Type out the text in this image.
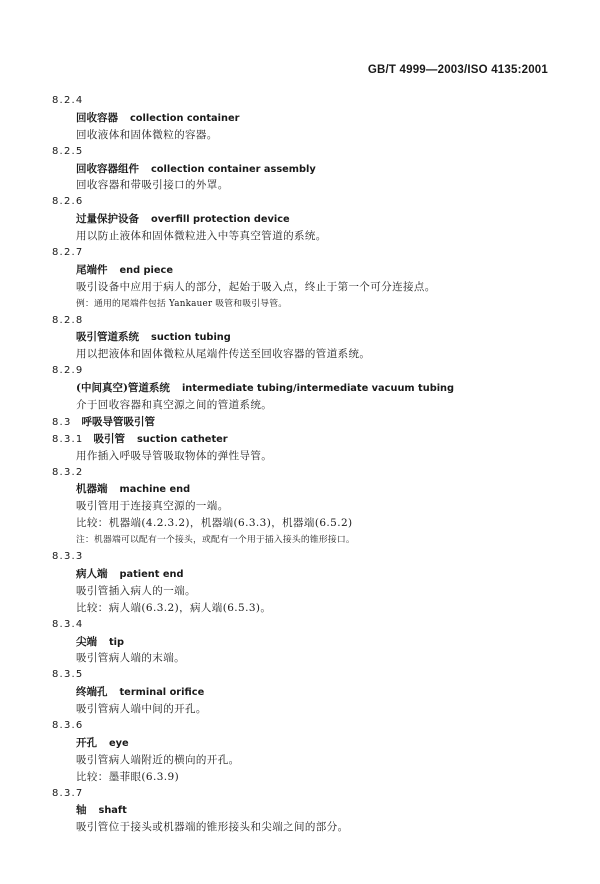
GB/T 4999—2003/ISO 4135:2001
8.2.4
回收容器 collection container
回收液体和固体微粒的容器。
8.2.5
回收容器组件 collection container assembly
回收容器和带吸引接口的外罩。
8.2.6
过量保护设备 overfill protection device
用以防止液体和固体微粒进入中等真空管道的系统。
8.2.7
尾端件 end piece
吸引设备中应用于病人的部分，起始于吸入点，终止于第一个可分连接点。
例：通用的尾端件包括 Yankauer 吸管和吸引导管。
8.2.8
吸引管道系统 suction tubing
用以把液体和固体微粒从尾端件传送至回收容器的管道系统。
8.2.9
(中间真空)管道系统 intermediate tubing/intermediate vacuum tubing
介于回收容器和真空源之间的管道系统。
8.3 呼吸导管吸引管
8.3.1 吸引管 suction catheter
用作插入呼吸导管吸取物体的弹性导管。
8.3.2
机器端 machine end
吸引管用于连接真空源的一端。
比较：机器端(4.2.3.2)，机器端(6.3.3)，机器端(6.5.2)
注：机器端可以配有一个接头，或配有一个用于插入接头的锥形接口。
8.3.3
病人端 patient end
吸引管插入病人的一端。
比较：病人端(6.3.2)，病人端(6.5.3)。
8.3.4
尖端 tip
吸引管病人端的末端。
8.3.5
终端孔 terminal orifice
吸引管病人端中间的开孔。
8.3.6
开孔 eye
吸引管病人端附近的横向的开孔。
比较：墨菲眼(6.3.9)
8.3.7
轴 shaft
吸引管位于接头或机器端的锥形接头和尖端之间的部分。
